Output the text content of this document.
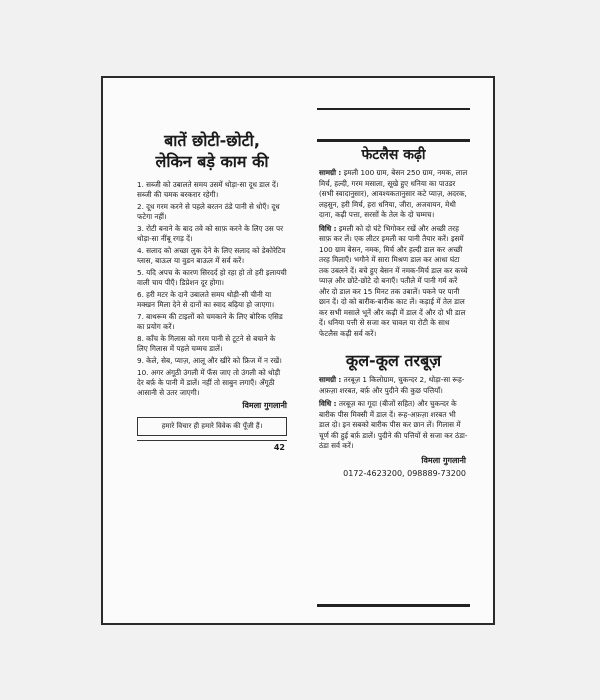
बातें छोटी-छोटी,
लेकिन बड़े काम की
1. सब्जी को उबालते समय उसमें थोड़ा-सा दूध डाल दें। सब्जी की चमक बरकरार रहेगी।
2. दूध गरम करने से पहले बरतन ठंडे पानी से धोएँ। दूध फटेगा नहीं।
3. रोटी बनाने के बाद तवे को साफ़ करने के लिए उस पर थोड़ा-सा नींबू रगड़ दें।
4. सलाद को अच्छा लुक देने के लिए सलाद को डेकोरेटिव ग्लास, बाऊल या वुडन बाऊल में सर्व करें।
5. यदि अपच के कारण सिरदर्द हो रहा हो तो हरी इलायची वाली चाय पीएँ। डिप्रेशन दूर होगा।
6. हरी मटर के दाने उबालते समय थोड़ी-सी चीनी या मक्खन मिला देने से दानों का स्वाद बढ़िया हो जाएगा।
7. बाथरूम की टाइलों को चमकाने के लिए बोरिक एसिड का प्रयोग करें।
8. काँच के गिलास को गरम पानी से टूटने से बचाने के लिए गिलास में पहले चम्मच डालें।
9. केले, सेब, प्याज़, आलू और खीरे को फ्रिज में न रखें।
10. अगर अंगूठी उंगली में फँस जाए तो उंगली को थोड़ी देर बर्फ़ के पानी में डालें। नहीं तो साबुन लगाएँ। अँगूठी आसानी से उतर जाएगी।
विमला गुगलानी
हमारे विचार ही हमारे विवेक की पूँजी हैं।
42
फेटलैस कढ़ी

सामग्री : इमली 100 ग्राम, बेसन 250 ग्राम, नमक, लाल मिर्च, हल्दी, गरम मसाला, सूखे हुए धनिया का पाउडर (सभी स्वादानुसार), आवश्यकतानुसार कटे प्याज़, अदरक, लहसुन, हरी मिर्च, हरा धनिया, जीरा, अजवायन, मेथी दाना, कढ़ी पत्ता, सरसों के तेल के दो चम्मच।

विधि : इमली को दो घंटे भिगोकर रखें और अच्छी तरह साफ़ कर लें। एक लीटर इमली का पानी तैयार करें। इसमें 100 ग्राम बेसन, नमक, मिर्च और हल्दी डाल कर अच्छी तरह मिलाएँ। भगौने में सारा मिश्रण डाल कर आधा घंटा तक उबलने दें। बचे हुए बेसन में नमक-मिर्च डाल कर कच्चे प्याज़ और छोटे-छोटे दो बनाएँ। पतीले में पानी गर्म करें और दो डाल कर 15 मिनट तक उबालें। पकने पर पानी छान दें। दो को बारीक-बारीक काट लें। कड़ाई में तेल डाल कर सभी मसाले भूनें और कढ़ी में डाल दें और दो भी डाल दें। धनिया पत्ती से सजा कर चावल या रोटी के साथ फेटलैस कढ़ी सर्व करें।

कूल-कूल तरबूज़

सामग्री : तरबूज़ 1 किलोग्राम, चुकन्दर 2, थोड़ा-सा रूह-अफ़ज़ा शरबत, बर्फ़ और पुदीने की कुछ पत्तियाँ।

विधि : तरबूज़ का गूदा (बीजों सहित) और चुकन्दर के बारीक पीस मिक्सी में डाल दें। रूह-अफ़ज़ा शरबत भी डाल दो। इन सबको बारीक पीस कर छान लें। गिलास में चूर्ण की हुई बर्फ़ डालें। पुदीने की पत्तियों से सजा कर ठंडा-ठंडा सर्व करें।

विमला गुगलानी
0172-4623200, 098889-73200
